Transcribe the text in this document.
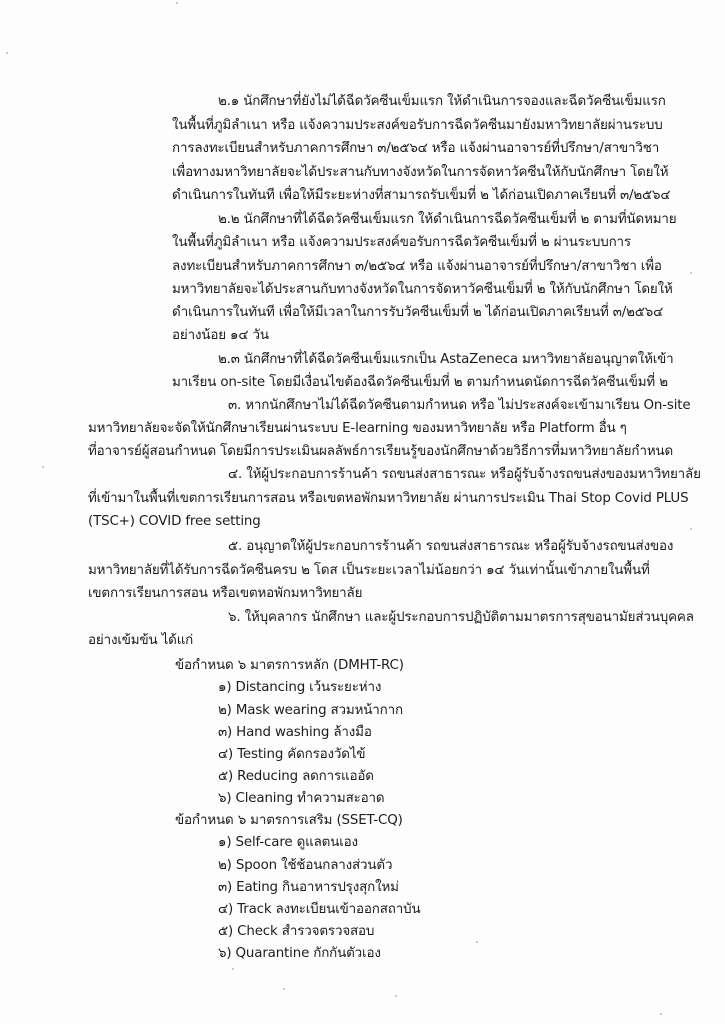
๒.๑ นักศึกษาที่ยังไม่ได้ฉีดวัคซีนเข็มแรก ให้ดำเนินการจองและฉีดวัคซีนเข็มแรก
ในพื้นที่ภูมิลำเนา หรือ แจ้งความประสงค์ขอรับการฉีดวัคซีนมายังมหาวิทยาลัยผ่านระบบ
การลงทะเบียนสำหรับภาคการศึกษา ๓/๒๕๖๔ หรือ แจ้งผ่านอาจารย์ที่ปรึกษา/สาขาวิชา
เพื่อทางมหาวิทยาลัยจะได้ประสานกับทางจังหวัดในการจัดหาวัคซีนให้กับนักศึกษา โดยให้
ดำเนินการในทันที เพื่อให้มีระยะห่างที่สามารถรับเข็มที่ ๒ ได้ก่อนเปิดภาคเรียนที่ ๓/๒๕๖๔
๒.๒ นักศึกษาที่ได้ฉีดวัคซีนเข็มแรก ให้ดำเนินการฉีดวัคซีนเข็มที่ ๒ ตามที่นัดหมาย
ในพื้นที่ภูมิลำเนา หรือ แจ้งความประสงค์ขอรับการฉีดวัคซีนเข็มที่ ๒ ผ่านระบบการ
ลงทะเบียนสำหรับภาคการศึกษา ๓/๒๕๖๔ หรือ แจ้งผ่านอาจารย์ที่ปรึกษา/สาขาวิชา เพื่อ
มหาวิทยาลัยจะได้ประสานกับทางจังหวัดในการจัดหาวัคซีนเข็มที่ ๒ ให้กับนักศึกษา โดยให้
ดำเนินการในทันที เพื่อให้มีเวลาในการรับวัคซีนเข็มที่ ๒ ได้ก่อนเปิดภาคเรียนที่ ๓/๒๕๖๔
อย่างน้อย ๑๔ วัน
๒.๓ นักศึกษาที่ได้ฉีดวัคซีนเข็มแรกเป็น AstaZeneca มหาวิทยาลัยอนุญาตให้เข้า
มาเรียน on-site โดยมีเงื่อนไขต้องฉีดวัคซีนเข็มที่ ๒ ตามกำหนดนัดการฉีดวัคซีนเข็มที่ ๒
๓. หากนักศึกษาไม่ได้ฉีดวัคซีนตามกำหนด หรือ ไม่ประสงค์จะเข้ามาเรียน On-site
มหาวิทยาลัยจะจัดให้นักศึกษาเรียนผ่านระบบ E-learning ของมหาวิทยาลัย หรือ Platform อื่น ๆ
ที่อาจารย์ผู้สอนกำหนด โดยมีการประเมินผลลัพธ์การเรียนรู้ของนักศึกษาด้วยวิธีการที่มหาวิทยาลัยกำหนด
๔. ให้ผู้ประกอบการร้านค้า รถขนส่งสาธารณะ หรือผู้รับจ้างรถขนส่งของมหาวิทยาลัย
ที่เข้ามาในพื้นที่เขตการเรียนการสอน หรือเขตหอพักมหาวิทยาลัย ผ่านการประเมิน Thai Stop Covid PLUS
(TSC+) COVID free setting
๕. อนุญาตให้ผู้ประกอบการร้านค้า รถขนส่งสาธารณะ หรือผู้รับจ้างรถขนส่งของ
มหาวิทยาลัยที่ได้รับการฉีดวัคซีนครบ ๒ โดส เป็นระยะเวลาไม่น้อยกว่า ๑๔ วันเท่านั้นเข้าภายในพื้นที่
เขตการเรียนการสอน หรือเขตหอพักมหาวิทยาลัย
๖. ให้บุคลากร นักศึกษา และผู้ประกอบการปฏิบัติตามมาตรการสุขอนามัยส่วนบุคคล
อย่างเข้มข้น ได้แก่
ข้อกำหนด ๖ มาตรการหลัก (DMHT-RC)
๑) Distancing เว้นระยะห่าง
๒) Mask wearing สวมหน้ากาก
๓) Hand washing ล้างมือ
๔) Testing คัดกรองวัดไข้
๕) Reducing ลดการแออัด
๖) Cleaning ทำความสะอาด
ข้อกำหนด ๖ มาตรการเสริม (SSET-CQ)
๑) Self-care ดูแลตนเอง
๒) Spoon ใช้ช้อนกลางส่วนตัว
๓) Eating กินอาหารปรุงสุกใหม่
๔) Track ลงทะเบียนเข้าออกสถาบัน
๕) Check สำรวจตรวจสอบ
๖) Quarantine กักกันตัวเอง
